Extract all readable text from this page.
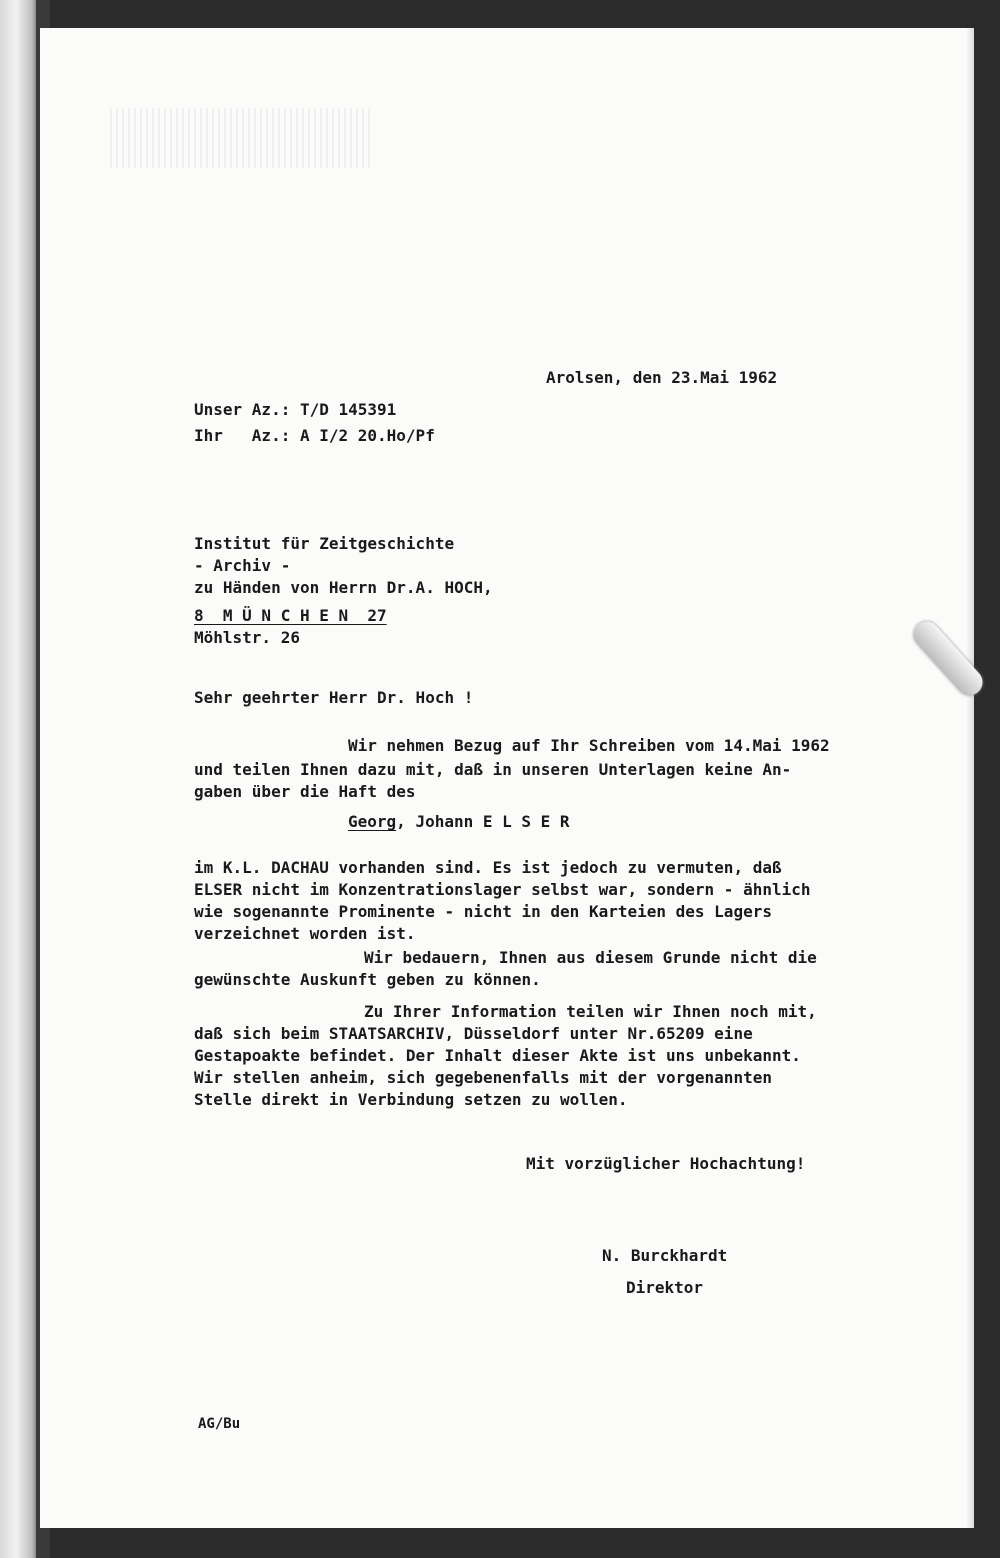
Arolsen, den 23.Mai 1962
Unser Az.: T/D 145391
Ihr   Az.: A I/2 20.Ho/Pf
Institut für Zeitgeschichte
- Archiv -
zu Händen von Herrn Dr.A. HOCH,
8  M Ü N C H E N  27
Möhlstr. 26
Sehr geehrter Herr Dr. Hoch !
Wir nehmen Bezug auf Ihr Schreiben vom 14.Mai 1962
und teilen Ihnen dazu mit, daß in unseren Unterlagen keine An-
gaben über die Haft des
Georg, Johann E L S E R
im K.L. DACHAU vorhanden sind. Es ist jedoch zu vermuten, daß
ELSER nicht im Konzentrationslager selbst war, sondern - ähnlich
wie sogenannte Prominente - nicht in den Karteien des Lagers
verzeichnet worden ist.
Wir bedauern, Ihnen aus diesem Grunde nicht die
gewünschte Auskunft geben zu können.
Zu Ihrer Information teilen wir Ihnen noch mit,
daß sich beim STAATSARCHIV, Düsseldorf unter Nr.65209 eine
Gestapoakte befindet. Der Inhalt dieser Akte ist uns unbekannt.
Wir stellen anheim, sich gegebenenfalls mit der vorgenannten
Stelle direkt in Verbindung setzen zu wollen.
Mit vorzüglicher Hochachtung!
N. Burckhardt
Direktor
AG/Bu
